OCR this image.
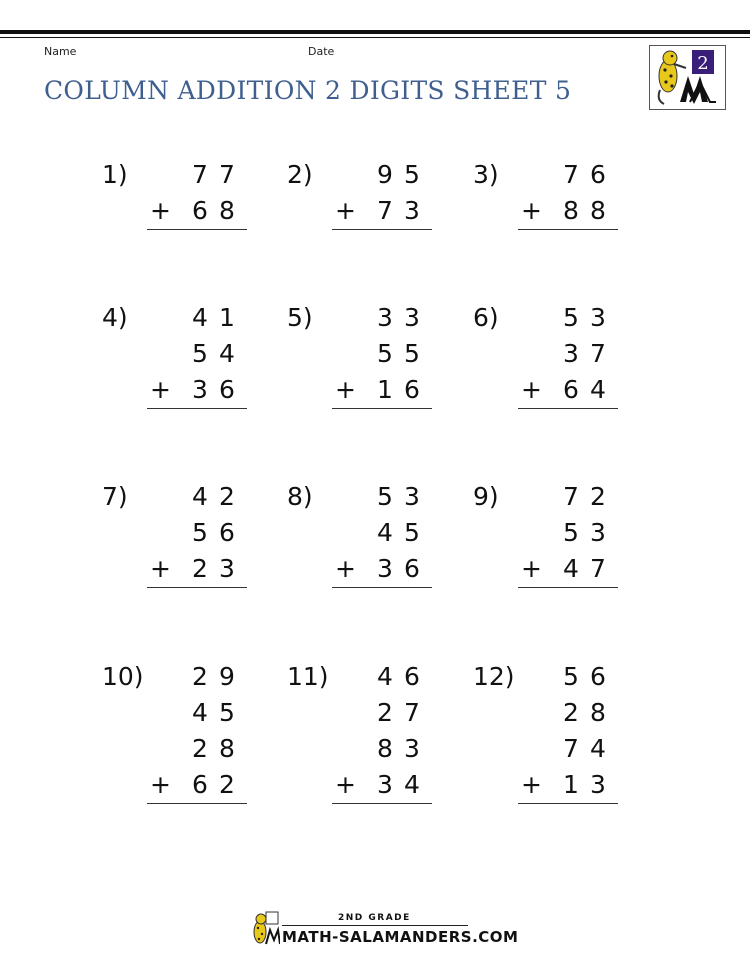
Name	Date
COLUMN ADDITION 2 DIGITS SHEET 5
2
1)	7 7
+ 6 8
2)	9 5
+ 7 3
3)	7 6
+ 8 8
4)	4 1
5 4
+ 3 6
5)	3 3
5 5
+ 1 6
6)	5 3
3 7
+ 6 4
7)	4 2
5 6
+ 2 3
8)	5 3
4 5
+ 3 6
9)	7 2
5 3
+ 4 7
10) 2 9
4 5
2 8
+ 6 2
11) 4 6
2 7
8 3
+ 3 4
12) 5 6
2 8
7 4
+ 1 3
2ND GRADE
MATH-SALAMANDERS.COM
